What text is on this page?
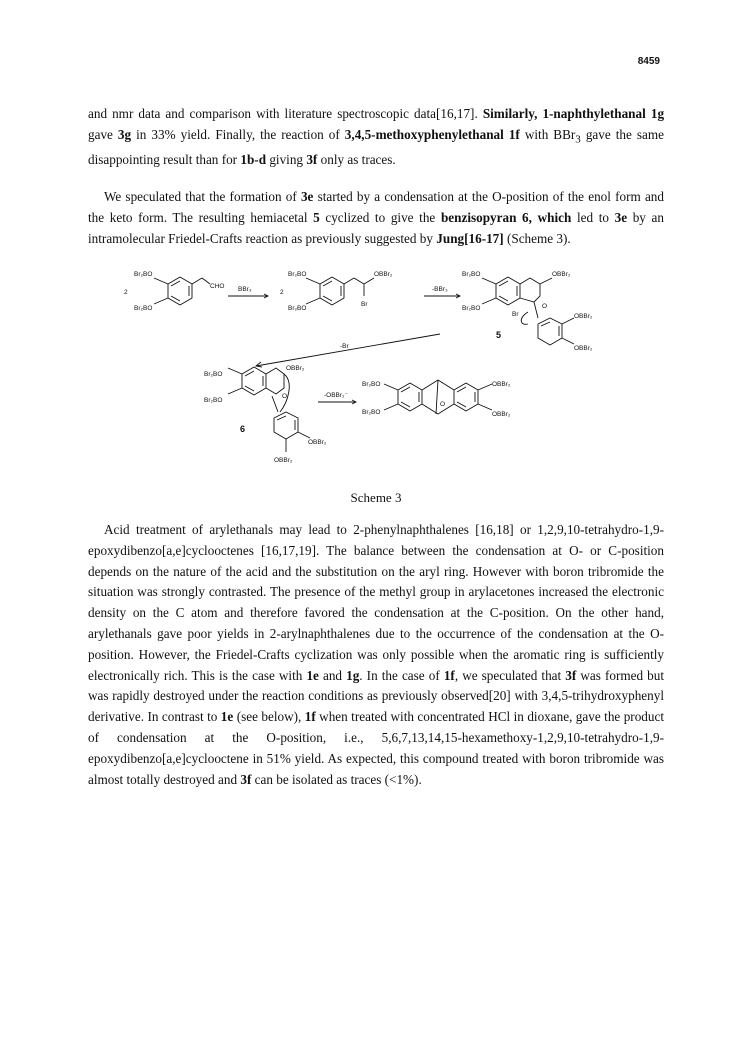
8459

and nmr data and comparison with literature spectroscopic data[16,17]. Similarly, 1-naphthylethanal 1g gave 3g in 33% yield. Finally, the reaction of 3,4,5-methoxyphenylethanal 1f with BBr$_3$ gave the same disappointing result than for 1b-d giving 3f only as traces.

We speculated that the formation of 3e started by a condensation at the O-position of the enol form and the keto form. The resulting hemiacetal 5 cyclized to give the benzisopyran 6, which led to 3e by an intramolecular Friedel-Crafts reaction as previously suggested by Jung[16-17] (Scheme 3).

Br₂BO
Br₂BO
2
CHO BBr₃	2
Br₂BO
Br₂BO
OBBr₂
Br
-BBr₃
Br₂BO
Br₂BO
OBBr₂
O
Br	OBBr₂
OBBr₂
5
-Br
Br₂BO
Br₂BO
OBBr₂
O
6
OBBr₂
OBBr₂
-OBBr₂⁻
Br₂BO
Br₂BO
O
OBBr₂
OBBr₂
Scheme 3

Acid treatment of arylethanals may lead to 2-phenylnaphthalenes [16,18] or 1,2,9,10-tetrahydro-1,9-epoxydibenzo[a,e]cyclooctenes [16,17,19]. The balance between the condensation at O- or C-position depends on the nature of the acid and the substitution on the aryl ring. However with boron tribromide the situation was strongly contrasted. The presence of the methyl group in arylacetones increased the electronic density on the C atom and therefore favored the condensation at the C-position. On the other hand, arylethanals gave poor yields in 2-arylnaphthalenes due to the occurrence of the condensation at the O-position. However, the Friedel-Crafts cyclization was only possible when the aromatic ring is sufficiently electronically rich. This is the case with 1e and 1g. In the case of 1f, we speculated that 3f was formed but was rapidly destroyed under the reaction conditions as previously observed[20] with 3,4,5-trihydroxyphenyl derivative. In contrast to 1e (see below), 1f when treated with concentrated HCl in dioxane, gave the product of condensation at the O-position, i.e., 5,6,7,13,14,15-hexamethoxy-1,2,9,10-tetrahydro-1,9-epoxydibenzo[a,e]cyclooctene in 51% yield. As expected, this compound treated with boron tribromide was almost totally destroyed and 3f can be isolated as traces (<1%).
